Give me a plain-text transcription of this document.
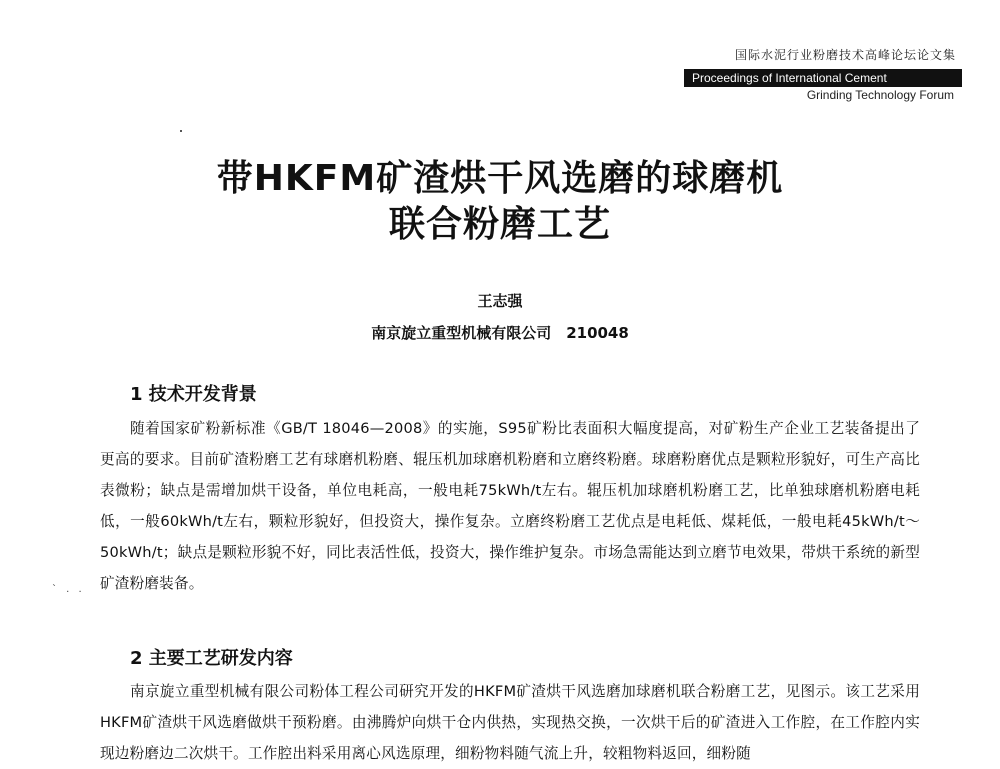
国际水泥行业粉磨技术高峰论坛论文集
Proceedings of International Cement
Grinding Technology Forum
带HKFM矿渣烘干风选磨的球磨机
联合粉磨工艺
王志强
南京旋立重型机械有限公司　210048
1 技术开发背景

随着国家矿粉新标准《GB/T 18046—2008》的实施，S95矿粉比表面积大幅度提高，对矿粉生产企业工艺装备提出了更高的要求。目前矿渣粉磨工艺有球磨机粉磨、辊压机加球磨机粉磨和立磨终粉磨。球磨粉磨优点是颗粒形貌好，可生产高比表微粉；缺点是需增加烘干设备，单位电耗高，一般电耗75kWh/t左右。辊压机加球磨机粉磨工艺，比单独球磨机粉磨电耗低，一般60kWh/t左右，颗粒形貌好，但投资大，操作复杂。立磨终粉磨工艺优点是电耗低、煤耗低，一般电耗45kWh/t～50kWh/t；缺点是颗粒形貌不好，同比表活性低，投资大，操作维护复杂。市场急需能达到立磨节电效果，带烘干系统的新型矿渣粉磨装备。

` . .
2 主要工艺研发内容

南京旋立重型机械有限公司粉体工程公司研究开发的HKFM矿渣烘干风选磨加球磨机联合粉磨工艺，见图示。该工艺采用HKFM矿渣烘干风选磨做烘干预粉磨。由沸腾炉向烘干仓内供热，实现热交换，一次烘干后的矿渣进入工作腔，在工作腔内实现边粉磨边二次烘干。工作腔出料采用离心风选原理，细粉物料随气流上升，较粗物料返回，细粉随
